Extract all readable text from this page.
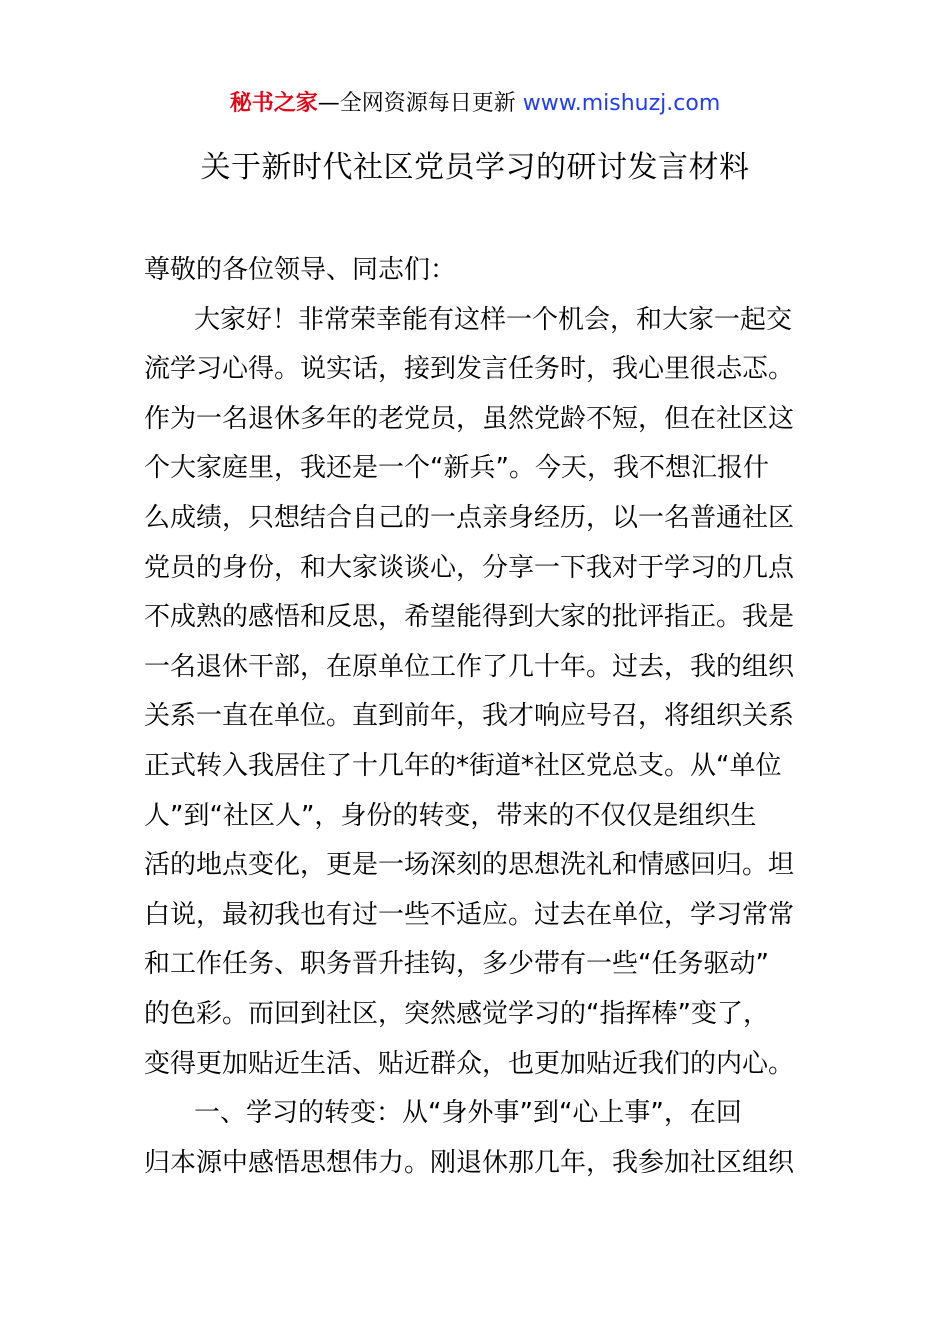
秘书之家—全网资源每日更新 www.mishuzj.com
关于新时代社区党员学习的研讨发言材料
尊敬的各位领导、同志们：
大家好！非常荣幸能有这样一个机会，和大家一起交
流学习心得。说实话，接到发言任务时，我心里很忐忑。
作为一名退休多年的老党员，虽然党龄不短，但在社区这
个大家庭里，我还是一个“新兵”。今天，我不想汇报什
么成绩，只想结合自己的一点亲身经历，以一名普通社区
党员的身份，和大家谈谈心，分享一下我对于学习的几点
不成熟的感悟和反思，希望能得到大家的批评指正。我是
一名退休干部，在原单位工作了几十年。过去，我的组织
关系一直在单位。直到前年，我才响应号召，将组织关系
正式转入我居住了十几年的*街道*社区党总支。从“单位
人”到“社区人”，身份的转变，带来的不仅仅是组织生
活的地点变化，更是一场深刻的思想洗礼和情感回归。坦
白说，最初我也有过一些不适应。过去在单位，学习常常
和工作任务、职务晋升挂钩，多少带有一些“任务驱动”
的色彩。而回到社区，突然感觉学习的“指挥棒”变了，
变得更加贴近生活、贴近群众，也更加贴近我们的内心。
一、学习的转变：从“身外事”到“心上事”，在回
归本源中感悟思想伟力。刚退休那几年，我参加社区组织
